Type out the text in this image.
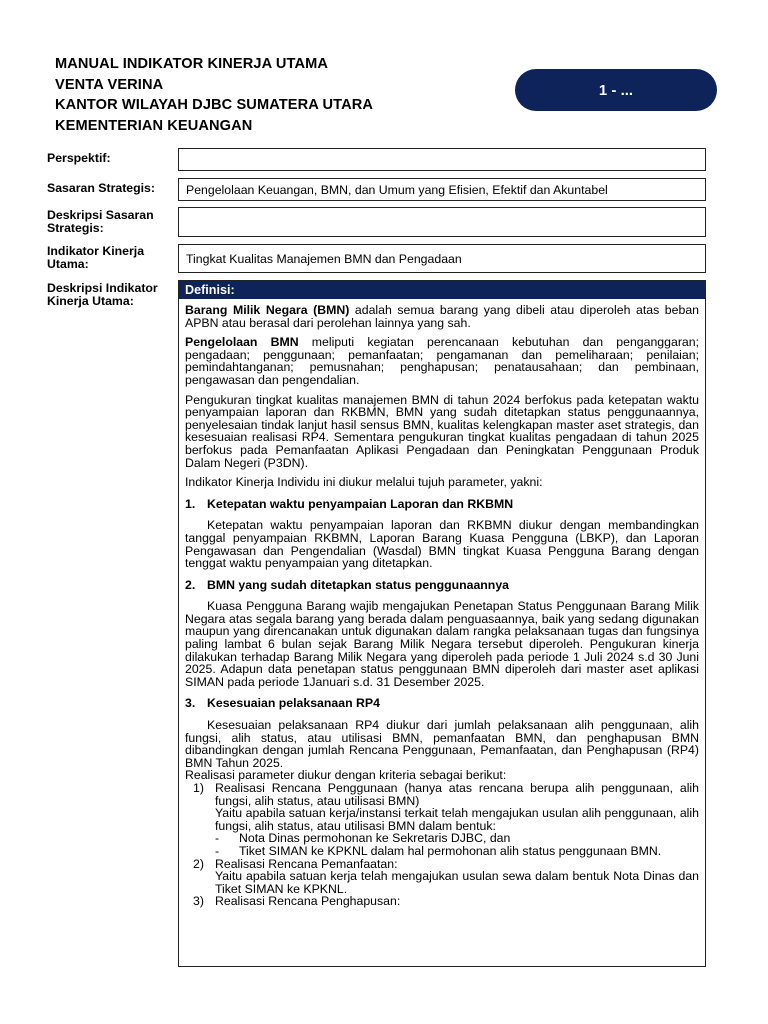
MANUAL INDIKATOR KINERJA UTAMA
VENTA VERINA
KANTOR WILAYAH DJBC SUMATERA UTARA
KEMENTERIAN KEUANGAN
1 - ...
Perspektif:
Sasaran Strategis:	Pengelolaan Keuangan, BMN, dan Umum yang Efisien, Efektif dan Akuntabel
Deskripsi Sasaran
Strategis:
Indikator Kinerja
Utama:	Tingkat Kualitas Manajemen BMN dan Pengadaan
Deskripsi Indikator
Kinerja Utama:
Definisi:

Barang Milik Negara (BMN) adalah semua barang yang dibeli atau diperoleh atas beban APBN atau berasal dari perolehan lainnya yang sah.

Pengelolaan BMN meliputi kegiatan perencanaan kebutuhan dan penganggaran; pengadaan; penggunaan; pemanfaatan; pengamanan dan pemeliharaan; penilaian; pemindahtanganan; pemusnahan; penghapusan; penatausahaan; dan pembinaan, pengawasan dan pengendalian.

Pengukuran tingkat kualitas manajemen BMN di tahun 2024 berfokus pada ketepatan waktu penyampaian laporan dan RKBMN, BMN yang sudah ditetapkan status penggunaannya, penyelesaian tindak lanjut hasil sensus BMN, kualitas kelengkapan master aset strategis, dan kesesuaian realisasi RP4. Sementara pengukuran tingkat kualitas pengadaan di tahun 2025 berfokus pada Pemanfaatan Aplikasi Pengadaan dan Peningkatan Penggunaan Produk Dalam Negeri (P3DN).

Indikator Kinerja Individu ini diukur melalui tujuh parameter, yakni:

1. Ketepatan waktu penyampaian Laporan dan RKBMN

Ketepatan waktu penyampaian laporan dan RKBMN diukur dengan membandingkan tanggal penyampaian RKBMN, Laporan Barang Kuasa Pengguna (LBKP), dan Laporan Pengawasan dan Pengendalian (Wasdal) BMN tingkat Kuasa Pengguna Barang dengan tenggat waktu penyampaian yang ditetapkan.

2. BMN yang sudah ditetapkan status penggunaannya

Kuasa Pengguna Barang wajib mengajukan Penetapan Status Penggunaan Barang Milik Negara atas segala barang yang berada dalam penguasaannya, baik yang sedang digunakan maupun yang direncanakan untuk digunakan dalam rangka pelaksanaan tugas dan fungsinya paling lambat 6 bulan sejak Barang Milik Negara tersebut diperoleh. Pengukuran kinerja dilakukan terhadap Barang Milik Negara yang diperoleh pada periode 1 Juli 2024 s.d 30 Juni 2025. Adapun data penetapan status penggunaan BMN diperoleh dari master aset aplikasi SIMAN pada periode 1Januari s.d. 31 Desember 2025.

3. Kesesuaian pelaksanaan RP4

Kesesuaian pelaksanaan RP4 diukur dari jumlah pelaksanaan alih penggunaan, alih fungsi, alih status, atau utilisasi BMN, pemanfaatan BMN, dan penghapusan BMN dibandingkan dengan jumlah Rencana Penggunaan, Pemanfaatan, dan Penghapusan (RP4) BMN Tahun 2025.

Realisasi parameter diukur dengan kriteria sebagai berikut:

1) Realisasi Rencana Penggunaan (hanya atas rencana berupa alih penggunaan, alih fungsi, alih status, atau utilisasi BMN)
Yaitu apabila satuan kerja/instansi terkait telah mengajukan usulan alih penggunaan, alih fungsi, alih status, atau utilisasi BMN dalam bentuk:
-	Nota Dinas permohonan ke Sekretaris DJBC, dan
-	Tiket SIMAN ke KPKNL dalam hal permohonan alih status penggunaan BMN.
2) Realisasi Rencana Pemanfaatan:
Yaitu apabila satuan kerja telah mengajukan usulan sewa dalam bentuk Nota Dinas dan Tiket SIMAN ke KPKNL.
3) Realisasi Rencana Penghapusan:
